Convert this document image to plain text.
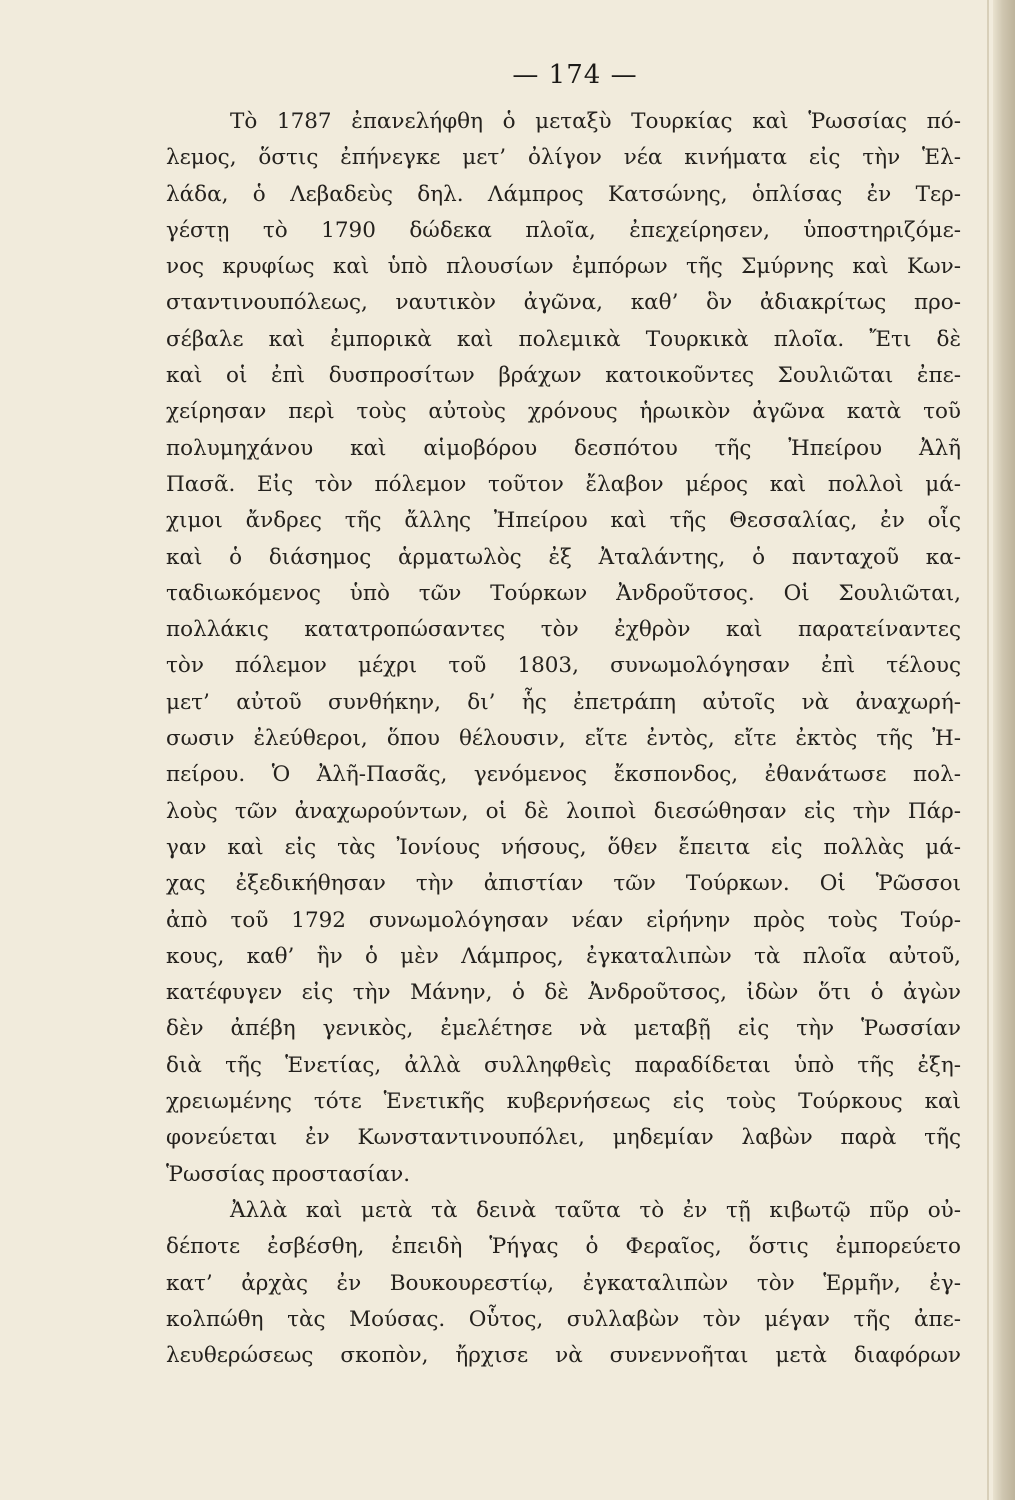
— 174 —
Τὸ 1787 ἐπανελήφθη ὁ μεταξὺ Τουρκίας καὶ Ῥωσσίας πό-
λεμος, ὅστις ἐπήνεγκε μετ’ ὀλίγον νέα κινήματα εἰς τὴν Ἑλ-
λάδα, ὁ Λεβαδεὺς δηλ. Λάμπρος Κατσώνης, ὁπλίσας ἐν Τερ-
γέστῃ τὸ 1790 δώδεκα πλοῖα, ἐπεχείρησεν, ὑποστηριζόμε-
νος κρυφίως καὶ ὑπὸ πλουσίων ἐμπόρων τῆς Σμύρνης καὶ Κων-
σταντινουπόλεως, ναυτικὸν ἀγῶνα, καθ’ ὃν ἀδιακρίτως προ-
σέβαλε καὶ ἐμπορικὰ καὶ πολεμικὰ Τουρκικὰ πλοῖα. Ἔτι δὲ
καὶ οἱ ἐπὶ δυσπροσίτων βράχων κατοικοῦντες Σουλιῶται ἐπε-
χείρησαν περὶ τοὺς αὐτοὺς χρόνους ἡρωικὸν ἀγῶνα κατὰ τοῦ
πολυμηχάνου καὶ αἱμοβόρου δεσπότου τῆς Ἠπείρου Ἀλῆ
Πασᾶ. Εἰς τὸν πόλεμον τοῦτον ἔλαβον μέρος καὶ πολλοὶ μά-
χιμοι ἄνδρες τῆς ἄλλης Ἠπείρου καὶ τῆς Θεσσαλίας, ἐν οἷς
καὶ ὁ διάσημος ἁρματωλὸς ἐξ Ἀταλάντης, ὁ πανταχοῦ κα-
ταδιωκόμενος ὑπὸ τῶν Τούρκων Ἀνδροῦτσος. Οἱ Σουλιῶται,
πολλάκις κατατροπώσαντες τὸν ἐχθρὸν καὶ παρατείναντες
τὸν πόλεμον μέχρι τοῦ 1803, συνωμολόγησαν ἐπὶ τέλους
μετ’ αὐτοῦ συνθήκην, δι’ ἧς ἐπετράπη αὐτοῖς νὰ ἀναχωρή-
σωσιν ἐλεύθεροι, ὅπου θέλουσιν, εἴτε ἐντὸς, εἴτε ἐκτὸς τῆς Ἠ-
πείρου. Ὁ Ἀλῆ-Πασᾶς, γενόμενος ἔκσπονδος, ἐθανάτωσε πολ-
λοὺς τῶν ἀναχωρούντων, οἱ δὲ λοιποὶ διεσώθησαν εἰς τὴν Πάρ-
γαν καὶ εἰς τὰς Ἰονίους νήσους, ὅθεν ἔπειτα εἰς πολλὰς μά-
χας ἐξεδικήθησαν τὴν ἀπιστίαν τῶν Τούρκων. Οἱ Ῥῶσσοι
ἀπὸ τοῦ 1792 συνωμολόγησαν νέαν εἰρήνην πρὸς τοὺς Τούρ-
κους, καθ’ ἣν ὁ μὲν Λάμπρος, ἐγκαταλιπὼν τὰ πλοῖα αὐτοῦ,
κατέφυγεν εἰς τὴν Μάνην, ὁ δὲ Ἀνδροῦτσος, ἰδὼν ὅτι ὁ ἀγὼν
δὲν ἀπέβη γενικὸς, ἐμελέτησε νὰ μεταβῇ εἰς τὴν Ῥωσσίαν
διὰ τῆς Ἑνετίας, ἀλλὰ συλληφθεὶς παραδίδεται ὑπὸ τῆς ἐξη-
χρειωμένης τότε Ἑνετικῆς κυβερνήσεως εἰς τοὺς Τούρκους καὶ
φονεύεται ἐν Κωνσταντινουπόλει, μηδεμίαν λαβὼν παρὰ τῆς
Ῥωσσίας προστασίαν.
Ἀλλὰ καὶ μετὰ τὰ δεινὰ ταῦτα τὸ ἐν τῇ κιβωτῷ πῦρ οὐ-
δέποτε ἐσβέσθη, ἐπειδὴ Ῥήγας ὁ Φεραῖος, ὅστις ἐμπορεύετο
κατ’ ἀρχὰς ἐν Βουκουρεστίῳ, ἐγκαταλιπὼν τὸν Ἑρμῆν, ἐγ-
κολπώθη τὰς Μούσας. Οὗτος, συλλαβὼν τὸν μέγαν τῆς ἀπε-
λευθερώσεως σκοπὸν, ἤρχισε νὰ συνεννοῆται μετὰ διαφόρων
